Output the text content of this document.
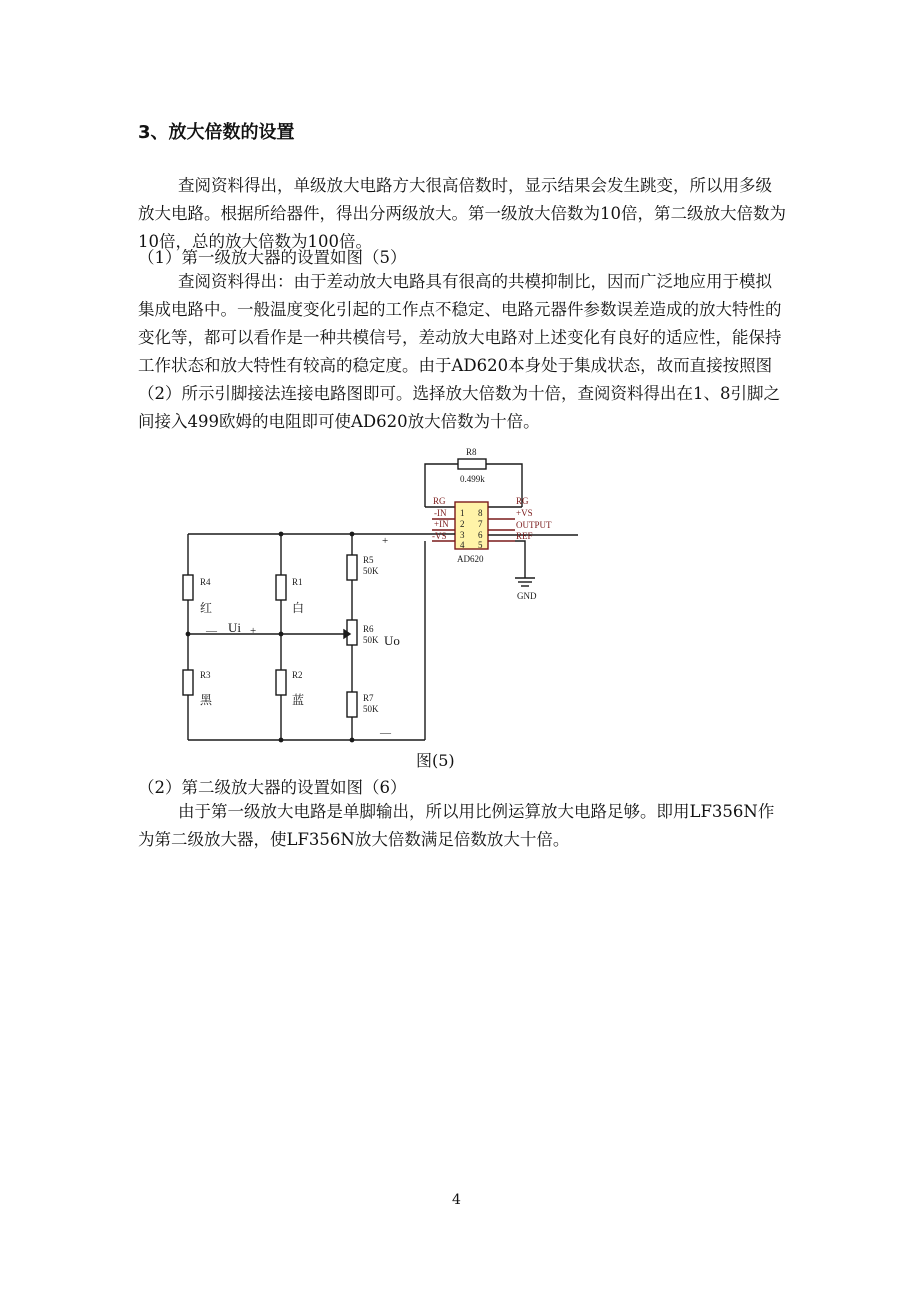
3、放大倍数的设置

查阅资料得出，单级放大电路方大很高倍数时，显示结果会发生跳变，所以用多级放大电路。根据所给器件，得出分两级放大。第一级放大倍数为10倍，第二级放大倍数为10倍，总的放大倍数为100倍。

（1）第一级放大器的设置如图（5）

查阅资料得出：由于差动放大电路具有很高的共模抑制比，因而广泛地应用于模拟集成电路中。一般温度变化引起的工作点不稳定、电路元器件参数误差造成的放大特性的变化等，都可以看作是一种共模信号，差动放大电路对上述变化有良好的适应性，能保持工作状态和放大特性有较高的稳定度。由于AD620本身处于集成状态，故而直接按照图（2）所示引脚接法连接电路图即可。选择放大倍数为十倍，查阅资料得出在1、8引脚之间接入499欧姆的电阻即可使AD620放大倍数为十倍。

R8
0.499k
RG
-IN
+IN
-VS
RG
+VS
OUTPUT
REF
1
2
3
4
8
7
6
5
AD620
GND
R4
R3
R1
R2
R5
50K
R6
50K
R7
50K
红
黑
白
蓝
— Ui +
Uo
+
—
图(5)

（2）第二级放大器的设置如图（6）

由于第一级放大电路是单脚输出，所以用比例运算放大电路足够。即用LF356N作为第二级放大器，使LF356N放大倍数满足倍数放大十倍。

4
